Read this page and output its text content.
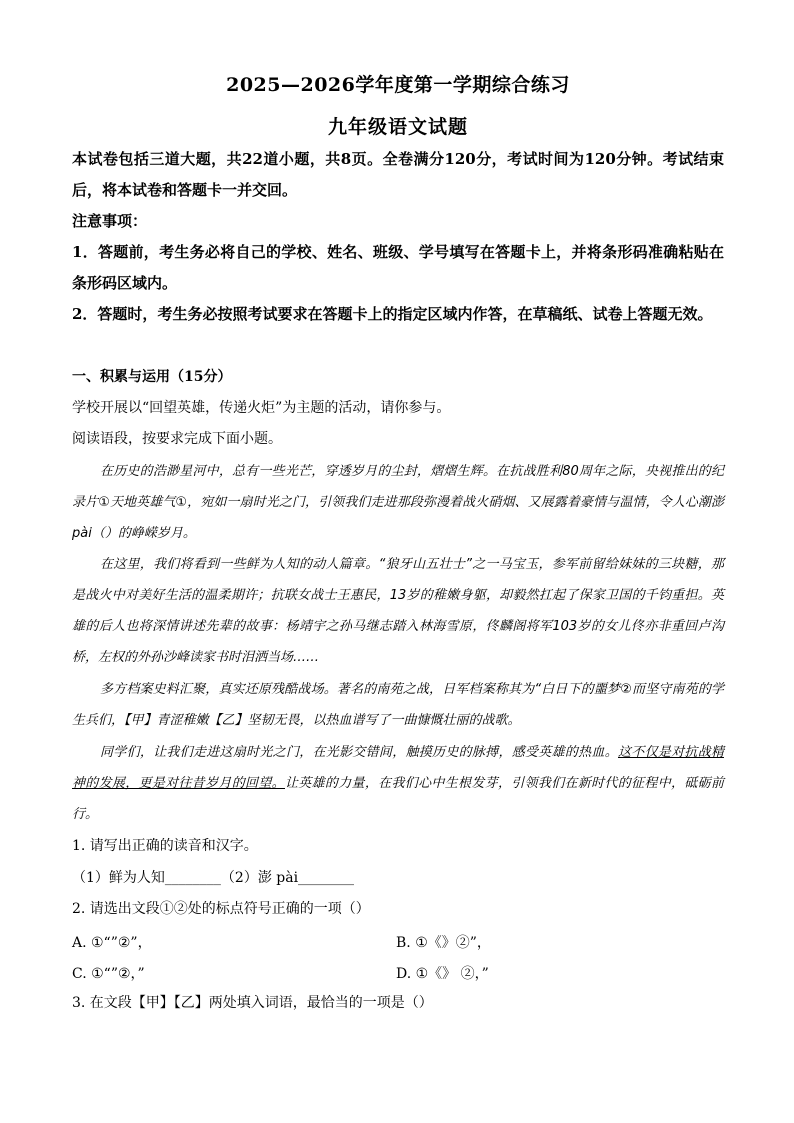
2025—2026学年度第一学期综合练习
九年级语文试题
本试卷包括三道大题，共22道小题，共8页。全卷满分120分，考试时间为120分钟。考试结束后，将本试卷和答题卡一并交回。
注意事项：
1．答题前，考生务必将自己的学校、姓名、班级、学号填写在答题卡上，并将条形码准确粘贴在条形码区域内。
2．答题时，考生务必按照考试要求在答题卡上的指定区域内作答，在草稿纸、试卷上答题无效。
一、积累与运用（15分）
学校开展以“回望英雄，传递火炬”为主题的活动，请你参与。
阅读语段，按要求完成下面小题。
在历史的浩渺星河中，总有一些光芒，穿透岁月的尘封，熠熠生辉。在抗战胜利80周年之际，央视推出的纪录片①天地英雄气①，宛如一扇时光之门，引领我们走进那段弥漫着战火硝烟、又展露着豪情与温情，令人心潮澎pài（）的峥嵘岁月。
在这里，我们将看到一些鲜为人知的动人篇章。“狼牙山五壮士”之一马宝玉，参军前留给妹妹的三块糖，那是战火中对美好生活的温柔期许；抗联女战士王惠民，13岁的稚嫩身躯，却毅然扛起了保家卫国的千钧重担。英雄的后人也将深情讲述先辈的故事：杨靖宇之孙马继志踏入林海雪原，佟麟阁将军103岁的女儿佟亦非重回卢沟桥，左权的外孙沙峰读家书时泪洒当场……
多方档案史料汇聚，真实还原残酷战场。著名的南苑之战，日军档案称其为“白日下的噩梦②而坚守南苑的学生兵们，【甲】青涩稚嫩【乙】坚韧无畏，以热血谱写了一曲慷慨壮丽的战歌。
同学们，让我们走进这扇时光之门，在光影交错间，触摸历史的脉搏，感受英雄的热血。这不仅是对抗战精神的发展，更是对往昔岁月的回望。让英雄的力量，在我们心中生根发芽，引领我们在新时代的征程中，砥砺前行。
1. 请写出正确的读音和汉字。
（1）鲜为人知________（2）澎 pài________
2. 请选出文段①②处的标点符号正确的一项（）
A. ①“”②”，	B. ①《》②”，
C. ①“”②，”	D. ①《》 ②，”
3. 在文段【甲】【乙】两处填入词语，最恰当的一项是（）
